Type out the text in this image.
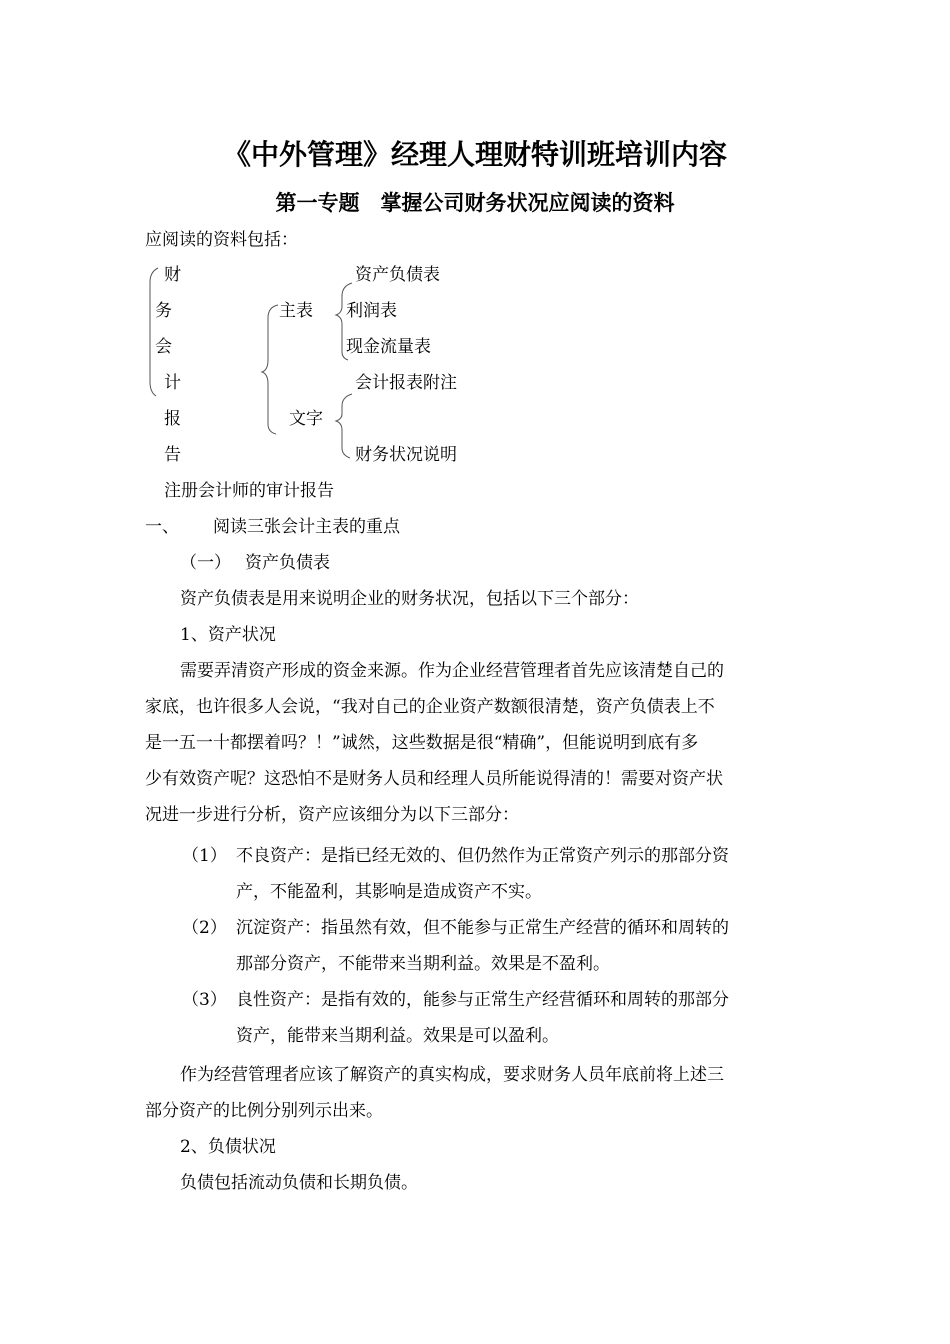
《中外管理》经理人理财特训班培训内容
第一专题　掌握公司财务状况应阅读的资料
应阅读的资料包括：
财
务
会
计
报
告
主表
文字
资产负债表
利润表
现金流量表
会计报表附注
财务状况说明
注册会计师的审计报告
一、 阅读三张会计主表的重点
（一） 资产负债表
资产负债表是用来说明企业的财务状况，包括以下三个部分：
1、资产状况
需要弄清资产形成的资金来源。作为企业经营管理者首先应该清楚自己的
家底，也许很多人会说，“我对自己的企业资产数额很清楚，资产负债表上不
是一五一十都摆着吗？！”诚然，这些数据是很“精确”，但能说明到底有多
少有效资产呢？这恐怕不是财务人员和经理人员所能说得清的！需要对资产状
况进一步进行分析，资产应该细分为以下三部分：
（1） 不良资产：是指已经无效的、但仍然作为正常资产列示的那部分资
产，不能盈利，其影响是造成资产不实。
（2） 沉淀资产：指虽然有效，但不能参与正常生产经营的循环和周转的
那部分资产，不能带来当期利益。效果是不盈利。
（3） 良性资产：是指有效的，能参与正常生产经营循环和周转的那部分
资产，能带来当期利益。效果是可以盈利。
作为经营管理者应该了解资产的真实构成，要求财务人员年底前将上述三
部分资产的比例分别列示出来。
2、负债状况
负债包括流动负债和长期负债。
